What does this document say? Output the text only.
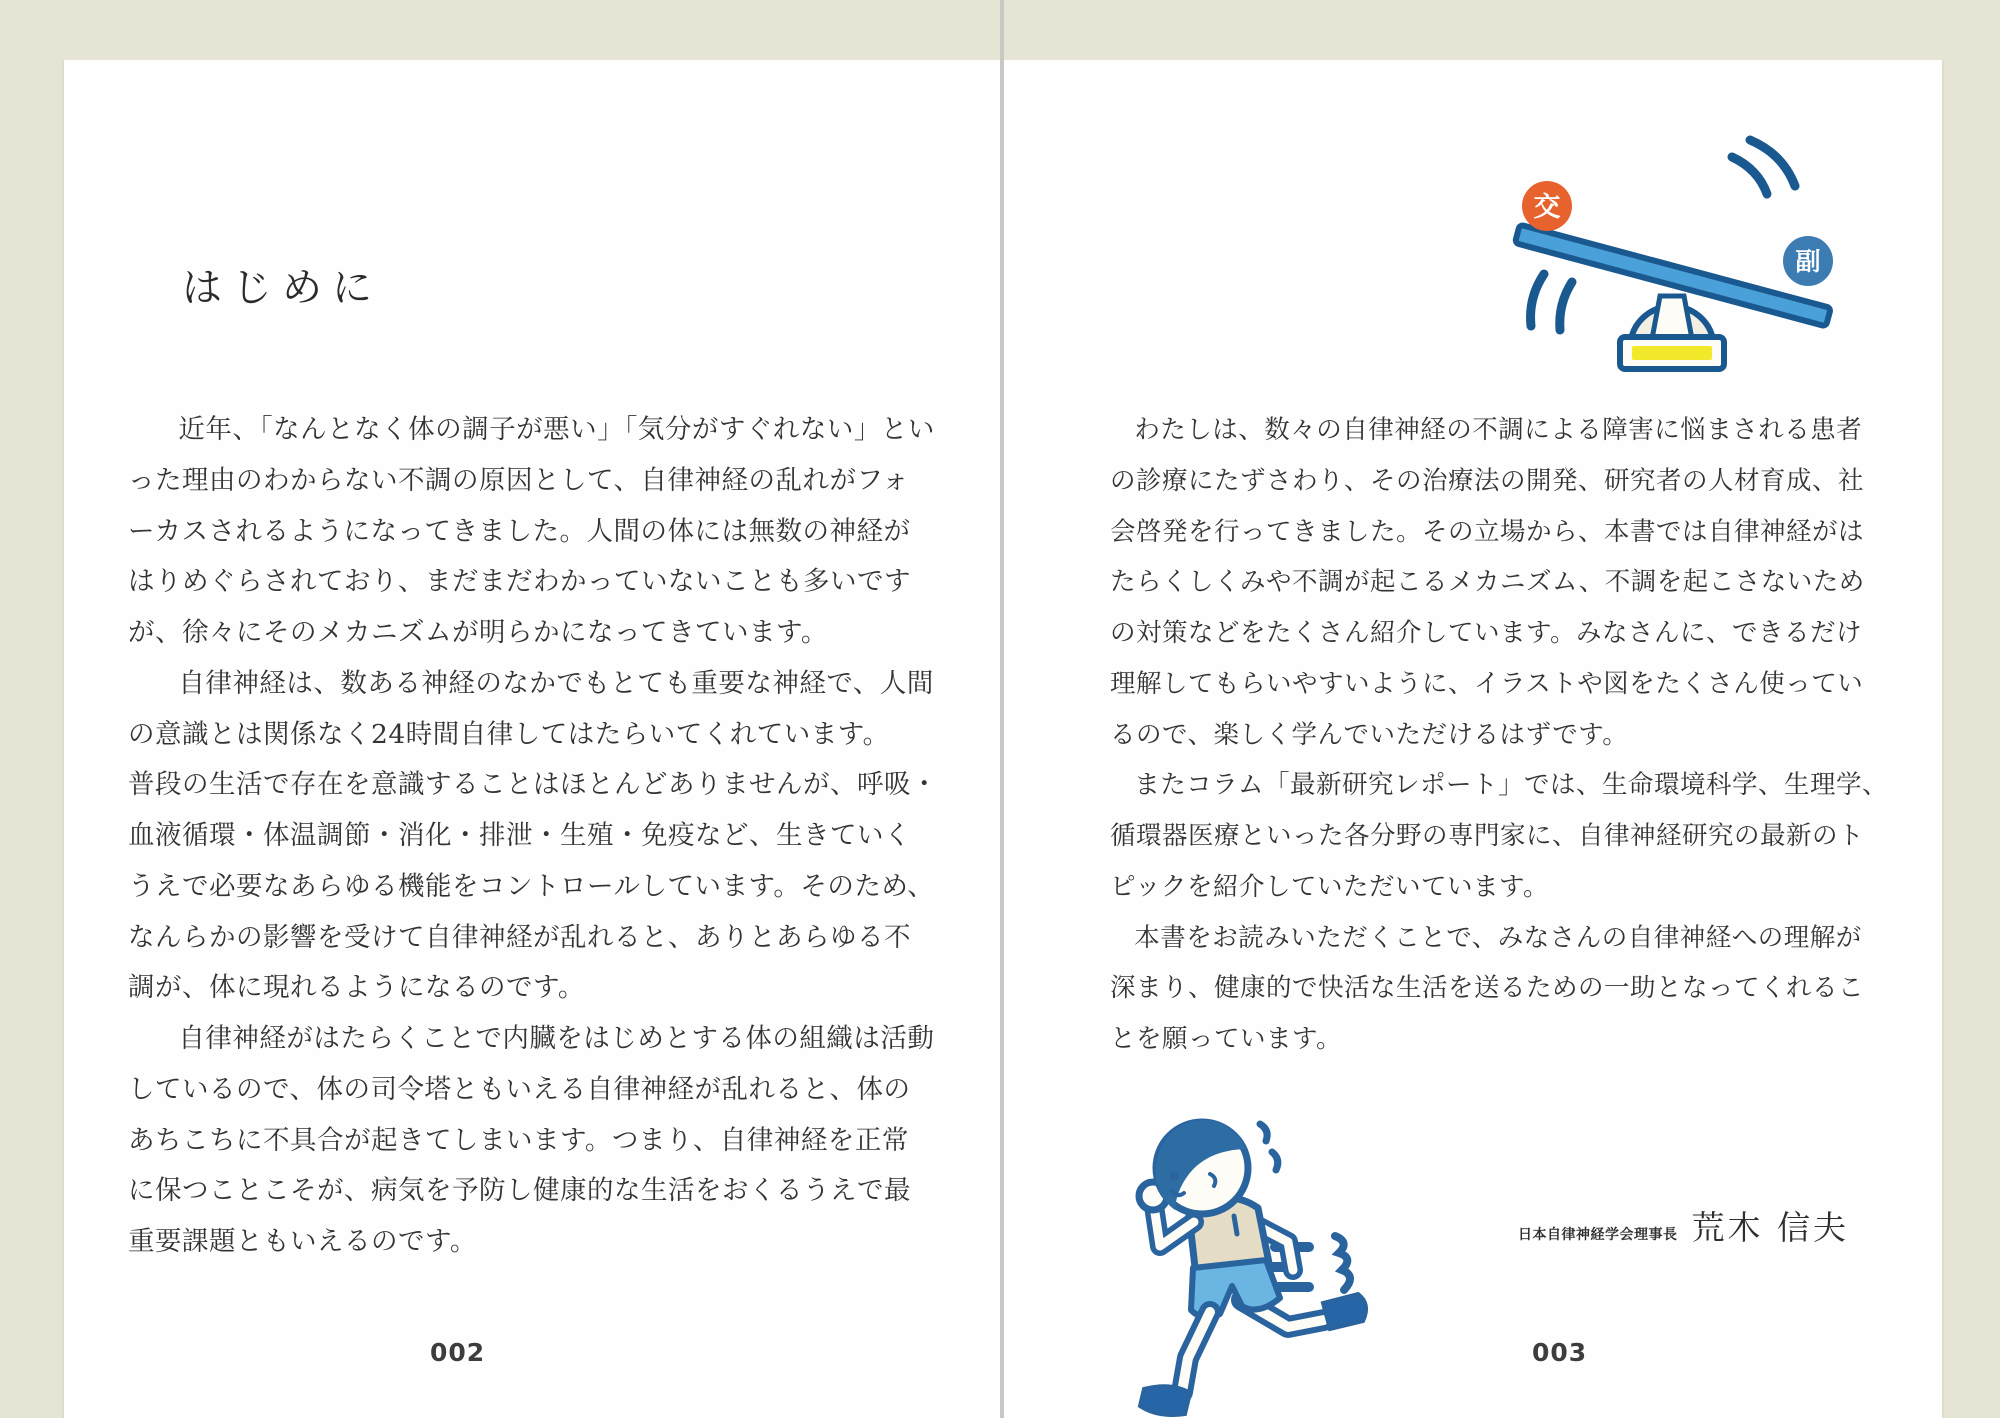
はじめに
近年、「なんとなく体の調子が悪い」「気分がすぐれない」とい
った理由のわからない不調の原因として、自律神経の乱れがフォ
ーカスされるようになってきました。人間の体には無数の神経が
はりめぐらされており、まだまだわかっていないことも多いです
が、徐々にそのメカニズムが明らかになってきています。
自律神経は、数ある神経のなかでもとても重要な神経で、人間
の意識とは関係なく24時間自律してはたらいてくれています。
普段の生活で存在を意識することはほとんどありませんが、呼吸・
血液循環・体温調節・消化・排泄・生殖・免疫など、生きていく
うえで必要なあらゆる機能をコントロールしています。そのため、
なんらかの影響を受けて自律神経が乱れると、ありとあらゆる不
調が、体に現れるようになるのです。
自律神経がはたらくことで内臓をはじめとする体の組織は活動
しているので、体の司令塔ともいえる自律神経が乱れると、体の
あちこちに不具合が起きてしまいます。つまり、自律神経を正常
に保つことこそが、病気を予防し健康的な生活をおくるうえで最
重要課題ともいえるのです。
002
交
副
わたしは、数々の自律神経の不調による障害に悩まされる患者
の診療にたずさわり、その治療法の開発、研究者の人材育成、社
会啓発を行ってきました。その立場から、本書では自律神経がは
たらくしくみや不調が起こるメカニズム、不調を起こさないため
の対策などをたくさん紹介しています。みなさんに、できるだけ
理解してもらいやすいように、イラストや図をたくさん使ってい
るので、楽しく学んでいただけるはずです。
またコラム「最新研究レポート」では、生命環境科学、生理学、
循環器医療といった各分野の専門家に、自律神経研究の最新のト
ピックを紹介していただいています。
本書をお読みいただくことで、みなさんの自律神経への理解が
深まり、健康的で快活な生活を送るための一助となってくれるこ
とを願っています。
日本自律神経学会理事長 荒木 信夫
003
